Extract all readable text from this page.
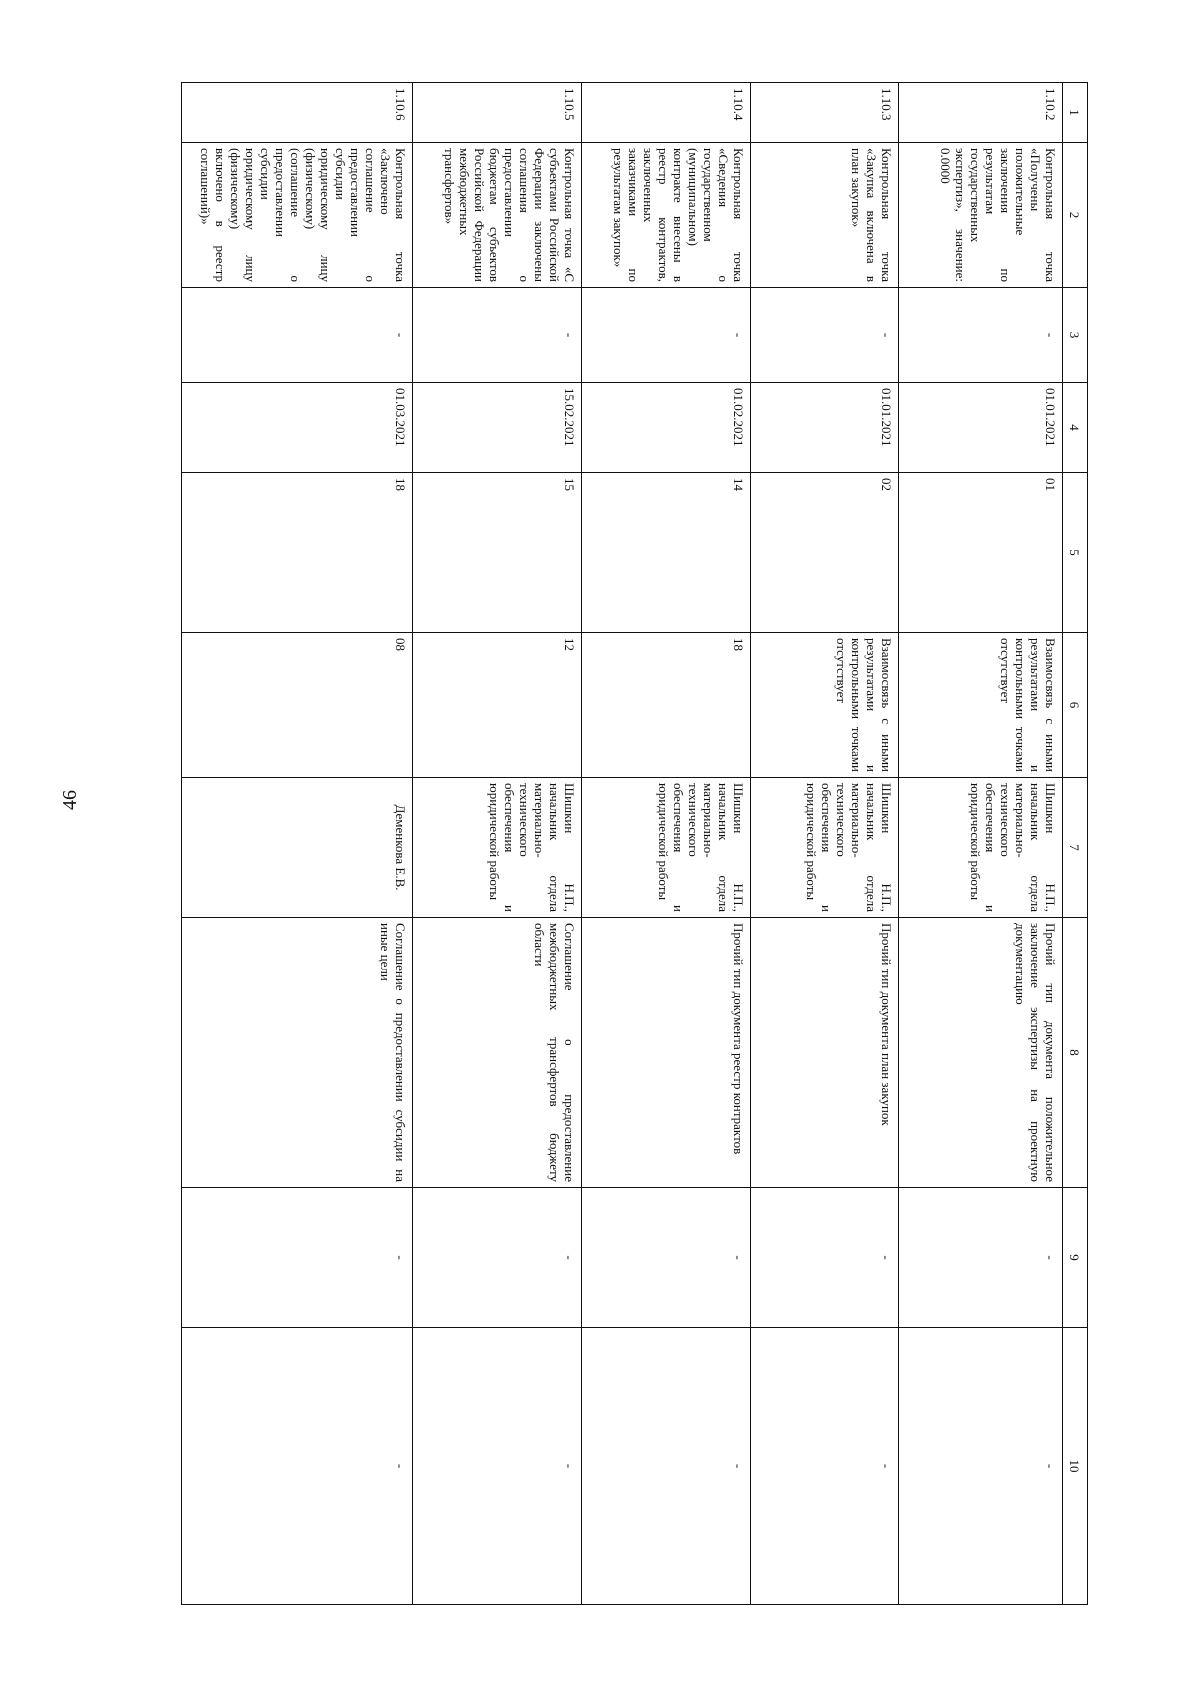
46
1	2	3	4	5	6	7	8	9	10
1.10.2	Контрольная точка «Получены положительные заключения по результатам государственных экспертиз», значение: 0.0000	-	01.01.2021	01	Взаимосвязь с иными результатами и контрольными точками отсутствует	Шишкин Н.П., начальник отдела материально-технического обеспечения и юридической работы	Прочий тип документа положительное заключение экспертизы на проектную документацию	-	-
1.10.3	Контрольная точка «Закупка включена в план закупок»	-	01.01.2021	02	Взаимосвязь с иными результатами и контрольными точками отсутствует	Шишкин Н.П., начальник отдела материально-технического обеспечения и юридической работы	Прочий тип документа план закупок	-	-
1.10.4	Контрольная точка «Сведения о государственном (муниципальном) контракте внесены в реестр контрактов, заключенных заказчиками по результатам закупок»	-	01.02.2021	14	18	Шишкин Н.П., начальник отдела материально-технического обеспечения и юридической работы	Прочий тип документа реестр контрактов	-	-
1.10.5	Контрольная точка «С субъектами Российской Федерации заключены соглашения о предоставлении бюджетам субъектов Российской Федерации межбюджетных трансфертов»	-	15.02.2021	15	12	Шишкин Н.П., начальник отдела материально-технического обеспечения и юридической работы	Соглашение о предоставление межбюджетных трансфертов бюджету области	-	-
1.10.6	Контрольная точка «Заключено соглашение о предоставлении субсидии юридическому лицу (физическому) (соглашение о предоставлении субсидии юридическому лицу (физическому) включено в реестр соглашений)»	-	01.03.2021	18	08	Деменкова Е.В.	Соглашение о предоставлении субсидии на иные цели	-	-
